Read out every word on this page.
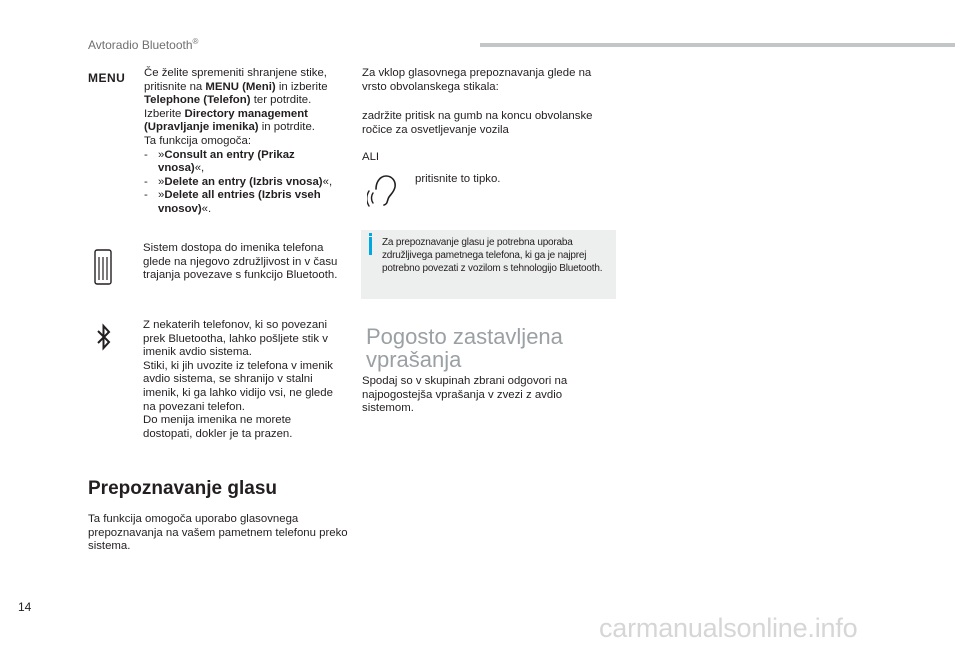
Avtoradio Bluetooth®
MENU Če želite spremeniti shranjene stike, pritisnite na MENU (Meni) in izberite Telephone (Telefon) ter potrdite.
Izberite Directory management (Upravljanje imenika) in potrdite.
Ta funkcija omogoča:
- »Consult an entry (Prikaz vnosa)«,
- »Delete an entry (Izbris vnosa)«,
- »Delete all entries (Izbris vseh vnosov)«.
Sistem dostopa do imenika telefona glede na njegovo združljivost in v času trajanja povezave s funkcijo Bluetooth.
Z nekaterih telefonov, ki so povezani prek Bluetootha, lahko pošljete stik v imenik avdio sistema.
Stiki, ki jih uvozite iz telefona v imenik avdio sistema, se shranijo v stalni imenik, ki ga lahko vidijo vsi, ne glede na povezani telefon.
Do menija imenika ne morete dostopati, dokler je ta prazen.
Prepoznavanje glasu
Ta funkcija omogoča uporabo glasovnega prepoznavanja na vašem pametnem telefonu preko sistema.
Za vklop glasovnega prepoznavanja glede na vrsto obvolanskega stikala:
zadržite pritisk na gumb na koncu obvolanske ročice za osvetljevanje vozila
ALI
pritisnite to tipko.
Za prepoznavanje glasu je potrebna uporaba združljivega pametnega telefona, ki ga je najprej potrebno povezati z vozilom s tehnologijo Bluetooth.
Pogosto zastavljena vprašanja
Spodaj so v skupinah zbrani odgovori na najpogostejša vprašanja v zvezi z avdio sistemom.
14
carmanualsonline.info
